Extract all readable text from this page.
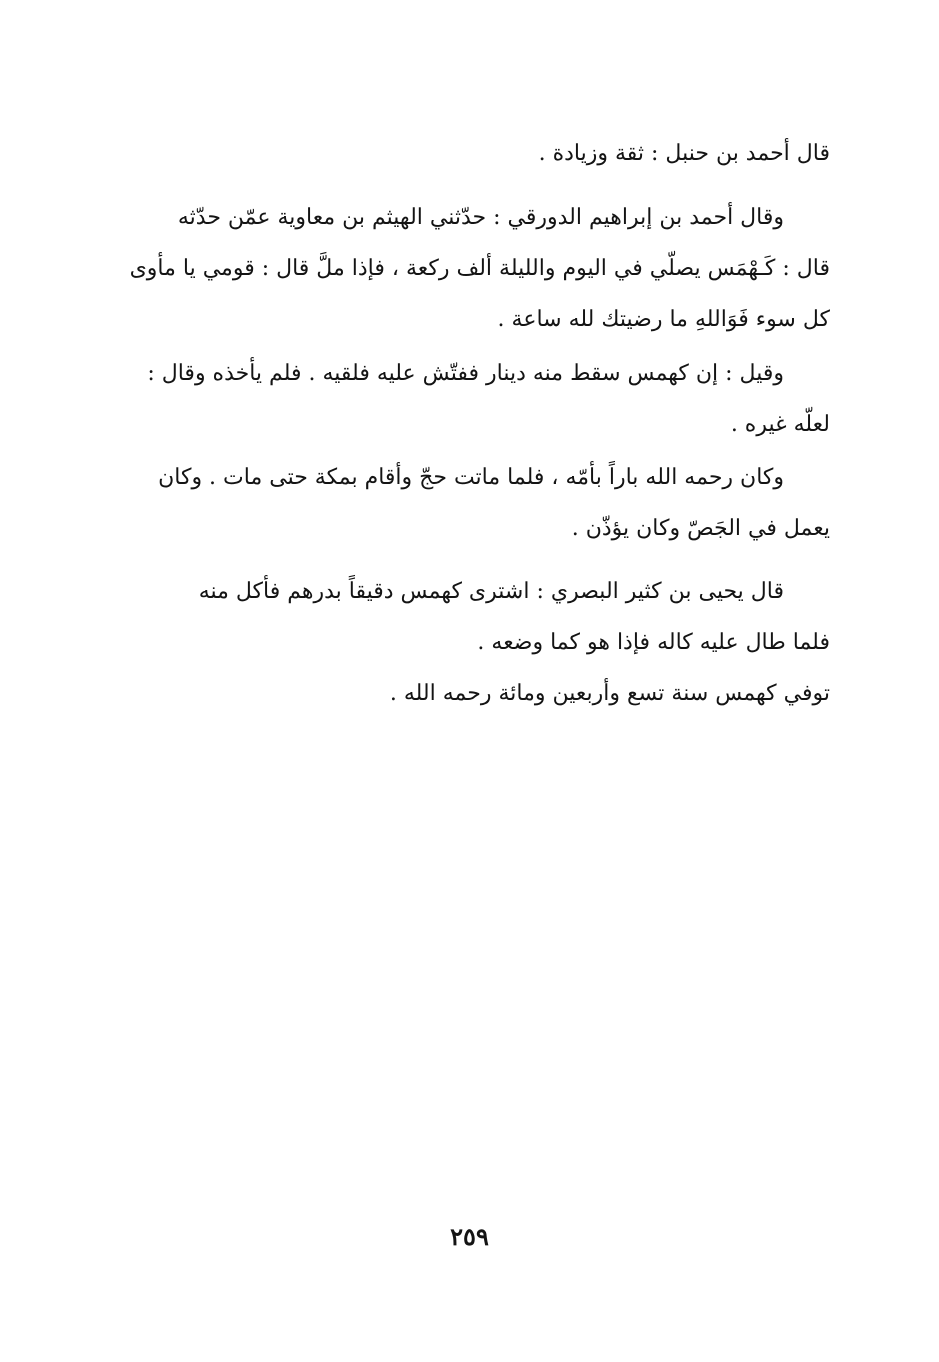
قال أحمد بن حنبل : ثقة وزيادة .

وقال أحمد بن إبراهيم الدورقي : حدّثني الهيثم بن معاوية عمّن حدّثه
قال : كَـهْمَس يصلّي في اليوم والليلة ألف ركعة ، فإذا ملَّ قال : قومي يا مأوى
كل سوء فَوَاللهِ ما رضيتك لله ساعة .

وقيل : إن كهمس سقط منه دينار ففتّش عليه فلقيه . فلم يأخذه وقال :
لعلّه غيره .

وكان رحمه الله باراً بأمّه ، فلما ماتت حجّ وأقام بمكة حتى مات . وكان
يعمل في الجَصّ وكان يؤذّن .

قال يحيى بن كثير البصري : اشترى كهمس دقيقاً بدرهم فأكل منه
فلما طال عليه كاله فإذا هو كما وضعه .

توفي كهمس سنة تسع وأربعين ومائة رحمه الله .

٢٥٩
